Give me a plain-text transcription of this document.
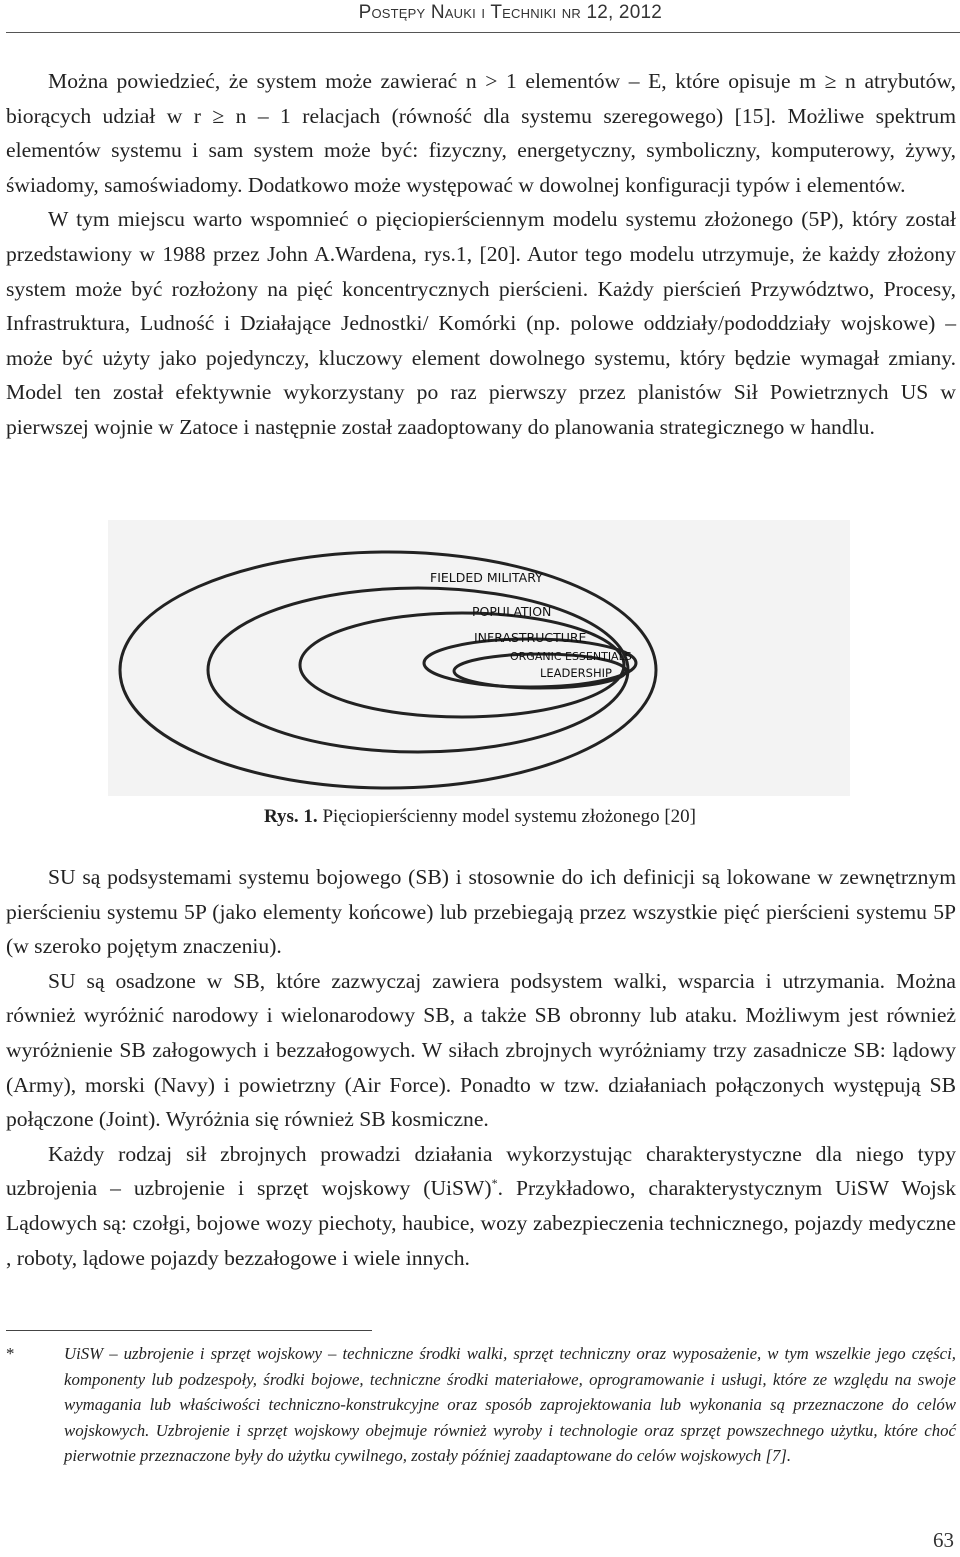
Postępy Nauki i Techniki nr 12, 2012

Można powiedzieć, że system może zawierać n > 1 elementów – E, które opisuje m ≥ n atrybutów, biorących udział w r ≥ n – 1 relacjach (równość dla systemu szeregowego) [15]. Możliwe spektrum elementów systemu i sam system może być: fizyczny, energetyczny, symboliczny, komputerowy, żywy, świadomy, samoświadomy. Dodatkowo może występować w dowolnej konfiguracji typów i elementów.

W tym miejscu warto wspomnieć o pięciopierściennym modelu systemu złożonego (5P), który został przedstawiony w 1988 przez John A.Wardena, rys.1, [20]. Autor tego modelu utrzymuje, że każdy złożony system może być rozłożony na pięć koncentrycznych pierścieni. Każdy pierścień Przywództwo, Procesy, Infrastruktura, Ludność i Działające Jednostki/ Komórki (np. polowe oddziały/pododdziały wojskowe) – może być użyty jako pojedynczy, kluczowy element dowolnego systemu, który będzie wymagał zmiany. Model ten został efektywnie wykorzystany po raz pierwszy przez planistów Sił Powietrznych US w pierwszej wojnie w Zatoce i następnie został zaadoptowany do planowania strategicznego w handlu.

FIELDED MILITARY
POPULATION
INFRASTRUCTURE
ORGANIC ESSENTIALS
LEADERSHIP
Rys. 1. Pięciopierścienny model systemu złożonego [20]

SU są podsystemami systemu bojowego (SB) i stosownie do ich definicji są lokowane w zewnętrznym pierścieniu systemu 5P (jako elementy końcowe) lub przebiegają przez wszystkie pięć pierścieni systemu 5P (w szeroko pojętym znaczeniu).

SU są osadzone w SB, które zazwyczaj zawiera podsystem walki, wsparcia i utrzymania. Można również wyróżnić narodowy i wielonarodowy SB, a także SB obronny lub ataku. Możliwym jest również wyróżnienie SB załogowych i bezzałogowych. W siłach zbrojnych wyróżniamy trzy zasadnicze SB: lądowy (Army), morski (Navy) i powietrzny (Air Force). Ponadto w tzw. działaniach połączonych występują SB połączone (Joint). Wyróżnia się również SB kosmiczne.

Każdy rodzaj sił zbrojnych prowadzi działania wykorzystując charakterystyczne dla niego typy uzbrojenia – uzbrojenie i sprzęt wojskowy (UiSW)*. Przykładowo, charakterystycznym UiSW Wojsk Lądowych są: czołgi, bojowe wozy piechoty, haubice, wozy zabezpieczenia technicznego, pojazdy medyczne , roboty, lądowe pojazdy bezzałogowe i wiele innych.

*	UiSW – uzbrojenie i sprzęt wojskowy – techniczne środki walki, sprzęt techniczny oraz wyposażenie, w tym wszelkie jego części, komponenty lub podzespoły, środki bojowe, techniczne środki materiałowe, oprogramowanie i usługi, które ze względu na swoje wymagania lub właściwości techniczno-konstrukcyjne oraz sposób zaprojektowania lub wykonania są przeznaczone do celów wojskowych. Uzbrojenie i sprzęt wojskowy obejmuje również wyroby i technologie oraz sprzęt powszechnego użytku, które choć pierwotnie przeznaczone były do użytku cywilnego, zostały później zaadaptowane do celów wojskowych [7].
63
